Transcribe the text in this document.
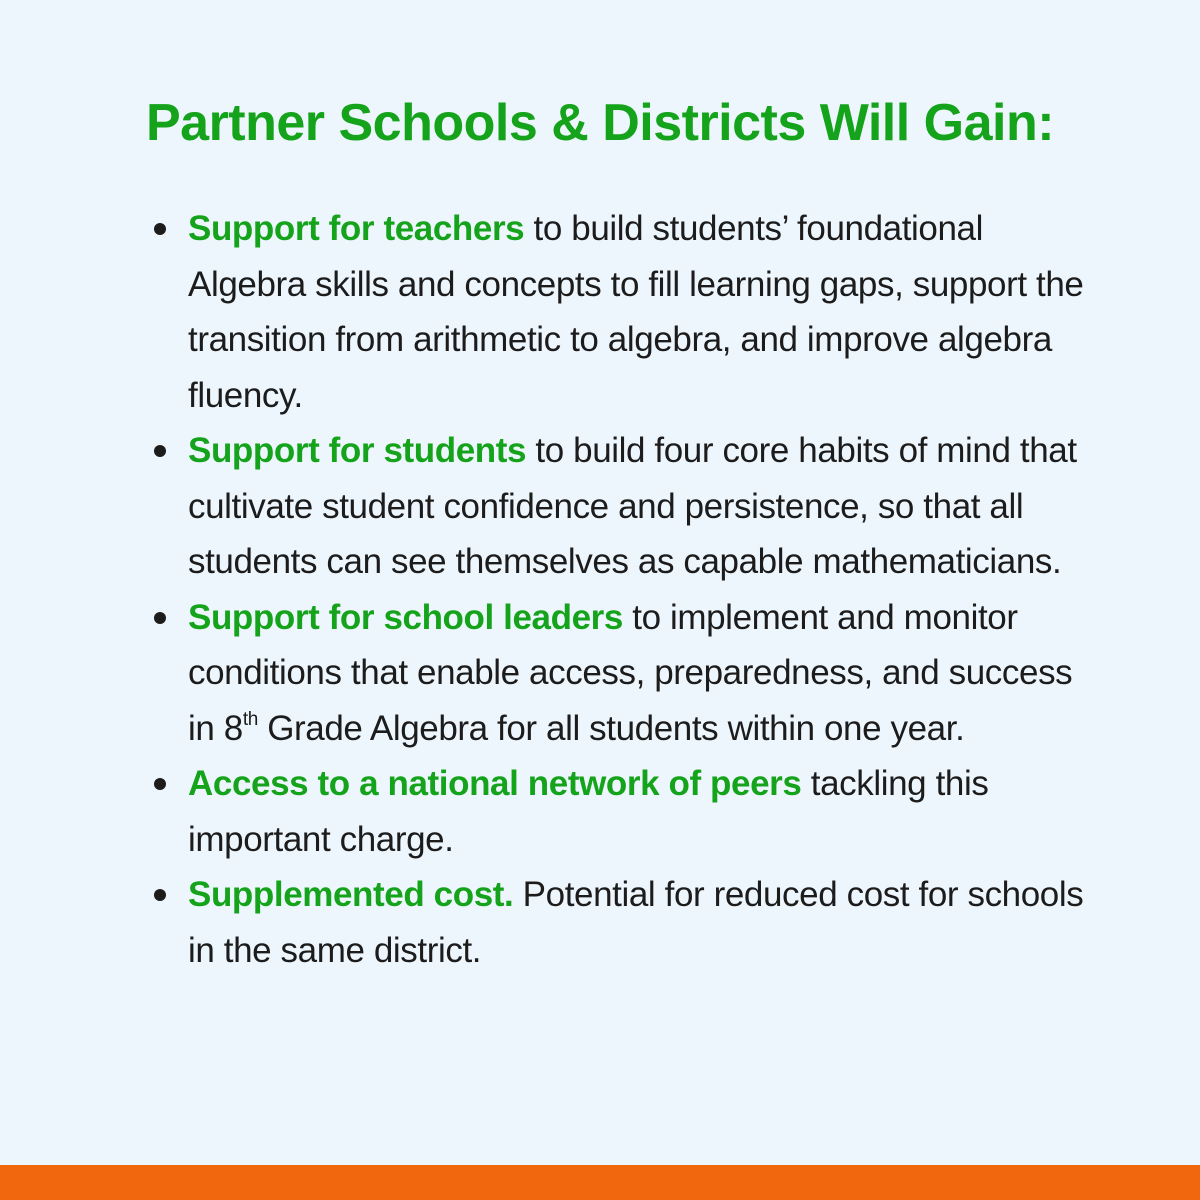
Partner Schools & Districts Will Gain:
Support for teachers to build students’ foundational Algebra skills and concepts to fill learning gaps, support the transition from arithmetic to algebra, and improve algebra fluency.
Support for students to build four core habits of mind that cultivate student confidence and persistence, so that all students can see themselves as capable mathematicians.
Support for school leaders to implement and monitor conditions that enable access, preparedness, and success in 8th Grade Algebra for all students within one year.
Access to a national network of peers tackling this important charge.
Supplemented cost. Potential for reduced cost for schools in the same district.
